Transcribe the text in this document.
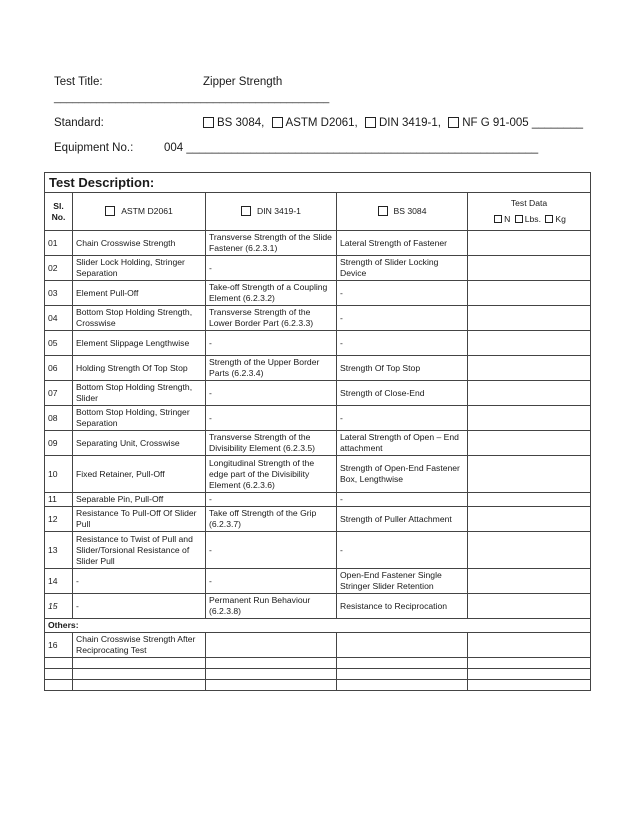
Test Title:	Zipper Strength
_____________________________________________
Standard:	BS 3084, ASTM D2061, DIN 3419-1, NF G 91-005 ________
Equipment No.:	004 _______________________________________________________
Test Description:				
Sl. No.	ASTM D2061	DIN 3419-1	BS 3084	Test Data
N Lbs. Kg

01	Chain Crosswise Strength	Transverse Strength of the Slide Fastener (6.2.3.1)	Lateral Strength of Fastener	
02	Slider Lock Holding, Stringer Separation	-	Strength of Slider Locking Device	
03	Element Pull-Off	Take-off Strength of a Coupling Element (6.2.3.2)	-	
04	Bottom Stop Holding Strength, Crosswise	Transverse Strength of the Lower Border Part (6.2.3.3)	-	
05	Element Slippage Lengthwise	-	-	
06	Holding Strength Of Top Stop	Strength of the Upper Border Parts (6.2.3.4)	Strength Of Top Stop	
07	Bottom Stop Holding Strength, Slider	-	Strength of Close-End	
08	Bottom Stop Holding, Stringer Separation	-	-	
09	Separating Unit, Crosswise	Transverse Strength of the Divisibility Element (6.2.3.5)	Lateral Strength of Open – End attachment	
10	Fixed Retainer, Pull-Off	Longitudinal Strength of the edge part of the Divisibility Element (6.2.3.6)	Strength of Open-End Fastener Box, Lengthwise	
11	Separable Pin, Pull-Off	-	-	
12	Resistance To Pull-Off Of Slider Pull	Take off Strength of the Grip (6.2.3.7)	Strength of Puller Attachment	
13	Resistance to Twist of Pull and Slider/Torsional Resistance of Slider Pull	-	-	
14	-	-	Open-End Fastener Single Stringer Slider Retention	
15	-	Permanent Run Behaviour (6.2.3.8)	Resistance to Reciprocation	
Others:				
16	Chain Crosswise Strength After Reciprocating Test			
